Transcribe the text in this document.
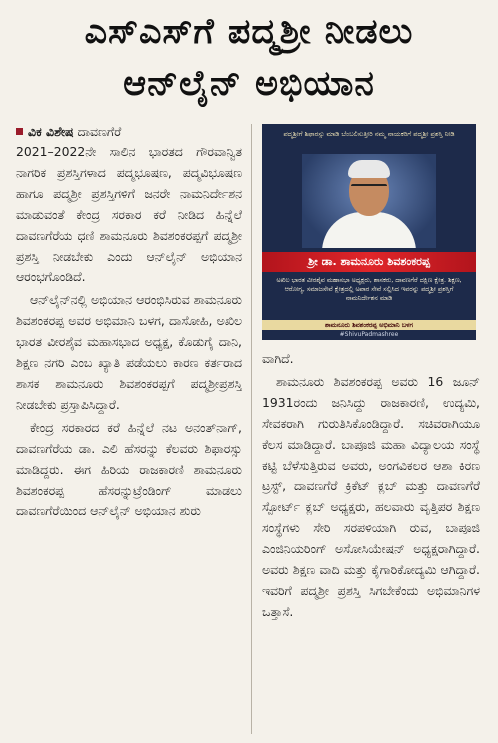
ಎಸ್‌ಎಸ್‌ಗೆ ಪದ್ಮಶ್ರೀ ನೀಡಲು
ಆನ್‌ಲೈನ್ ಅಭಿಯಾನ
ವಿಕ ವಿಶೇಷ ದಾವಣಗೆರೆ

2021–2022ನೇ ಸಾಲಿನ ಭಾರತದ ಗೌರವಾನ್ವಿತ ನಾಗರಿಕ ಪ್ರಶಸ್ತಿಗಳಾದ ಪದ್ಮಭೂಷಣ, ಪದ್ಮವಿಭೂಷಣ ಹಾಗೂ ಪದ್ಮಶ್ರೀ ಪ್ರಶಸ್ತಿಗಳಿಗೆ ಜನರೇ ನಾಮನಿರ್ದೇಶನ ಮಾಡುವಂತೆ ಕೇಂದ್ರ ಸರಕಾರ ಕರೆ ನೀಡಿದ ಹಿನ್ನೆಲೆ ದಾವಣಗೆರೆಯ ಧಣಿ ಶಾಮನೂರು ಶಿವಶಂಕರಪ್ಪಗೆ ಪದ್ಮಶ್ರೀ ಪ್ರಶಸ್ತಿ ನೀಡಬೇಕು ಎಂದು ಆನ್‌ಲೈನ್ ಅಭಿಯಾನ ಆರಂಭಗೊಂಡಿದೆ.

ಆನ್‌ಲೈನ್‌ನಲ್ಲಿ ಅಭಿಯಾನ ಆರಂಭಿಸಿರುವ ಶಾಮನೂರು ಶಿವಶಂಕರಪ್ಪ ಅವರ ಅಭಿಮಾನಿ ಬಳಗ, ದಾಸೋಹಿ, ಅಖಿಲ ಭಾರತ ವೀರಶೈವ ಮಹಾಸಭಾದ ಅಧ್ಯಕ್ಷ, ಕೊಡುಗೈ ದಾನಿ, ಶಿಕ್ಷಣ ನಗರಿ ಎಂಬ ಖ್ಯಾತಿ ಪಡೆಯಲು ಕಾರಣ ಕರ್ತರಾದ ಶಾಸಕ ಶಾಮನೂರು ಶಿವಶಂಕರಪ್ಪಗೆ ಪದ್ಮಶ್ರೀಪ್ರಶಸ್ತಿ ನೀಡಬೇಕು ಪ್ರಸ್ತಾಪಿಸಿದ್ದಾರೆ.

ಕೇಂದ್ರ ಸರಕಾರದ ಕರೆ ಹಿನ್ನೆಲೆ ನಟ ಅನಂತ್‌ನಾಗ್, ದಾವಣಗೆರೆಯ ಡಾ. ಎಲಿ ಹೆಸರನ್ನು ಕೆಲವರು ಶಿಫಾರಸ್ಸು ಮಾಡಿದ್ದರು. ಈಗ ಹಿರಿಯ ರಾಜಕಾರಣಿ ಶಾಮನೂರು ಶಿವಶಂಕರಪ್ಪ ಹೆಸರನ್ನುಟ್ರೆಂಡಿಂಗ್ ಮಾಡಲು ದಾವಣಗೆರೆಯಿಂದ ಆನ್‌ಲೈನ್ ಅಭಿಯಾನ ಶುರು

ಪದ್ಮಶ್ರೀಗೆ ಶಿಫಾರಸ್ಸು ಮಾಡಿ ಬೆಂಬಲಿಸುತ್ತೀರಿ ನಮ್ಮ ನಾಯಕರಿಗೆ ಪದ್ಮಶ್ರೀ ಪ್ರಶಸ್ತಿ ನೀಡಿ
ಶ್ರೀ ಡಾ. ಶಾಮನೂರು ಶಿವಶಂಕರಪ್ಪ
ಅಖಿಲ ಭಾರತ ವೀರಶೈವ ಮಹಾಸಭಾ ಅಧ್ಯಕ್ಷರು, ಶಾಸಕರು, ದಾವಣಗೆರೆ ದಕ್ಷಿಣ ಕ್ಷೇತ್ರ. ಶಿಕ್ಷಣ, ಆರೋಗ್ಯ, ಸಮಾಜಸೇವೆ ಕ್ಷೇತ್ರದಲ್ಲಿ ಅಪಾರ ಸೇವೆ ಸಲ್ಲಿಸಿದ ಇವರನ್ನು ಪದ್ಮಶ್ರೀ ಪ್ರಶಸ್ತಿಗೆ ನಾಮನಿರ್ದೇಶನ ಮಾಡಿ
ಶಾಮನೂರು ಶಿವಶಂಕರಪ್ಪ ಅಭಿಮಾನಿ ಬಳಗ
#ShivuPadmashree

ವಾಗಿದೆ.

ಶಾಮನೂರು ಶಿವಶಂಕರಪ್ಪ ಅವರು 16 ಜೂನ್ 1931ರಂದು ಜನಿಸಿದ್ದು ರಾಜಕಾರಣಿ, ಉದ್ಯಮಿ, ಸೇವಕರಾಗಿ ಗುರುತಿಸಿಕೊಂಡಿದ್ದಾರೆ. ಸಚಿವರಾಗಿಯೂ ಕೆಲಸ ಮಾಡಿದ್ದಾರೆ. ಬಾಪೂಜಿ ಮಹಾ ವಿದ್ಯಾಲಯ ಸಂಸ್ಥೆ ಕಟ್ಟಿ ಬೆಳೆಸುತ್ತಿರುವ ಅವರು, ಅಂಗವಿಕಲರ ಆಶಾ ಕಿರಣ ಟ್ರಸ್ಟ್, ದಾವಣಗೆರೆ ಕ್ರಿಕೆಟ್ ಕ್ಲಬ್ ಮತ್ತು ದಾವಣಗೆರೆ ಸ್ಪೋರ್ಟ್ ಕ್ಲಬ್ ಅಧ್ಯಕ್ಷರು, ಹಲವಾರು ವೃತ್ತಿಪರ ಶಿಕ್ಷಣ ಸಂಸ್ಥೆಗಳು ಸೇರಿ ಸರಪಳಿಯಾಗಿ ರುವ, ಬಾಪೂಜಿ ಎಂಜಿನಿಯರಿಂಗ್ ಅಸೋಸಿಯೇಷನ್ ಅಧ್ಯಕ್ಷರಾಗಿದ್ದಾರೆ. ಅವರು ಶಿಕ್ಷಣ ವಾದಿ ಮತ್ತು ಕೈಗಾರಿಕೋದ್ಯಮಿ ಆಗಿದ್ದಾರೆ. ಇವರಿಗೆ ಪದ್ಮಶ್ರೀ ಪ್ರಶಸ್ತಿ ಸಿಗಬೇಕೆಂದು ಅಭಿಮಾನಿಗಳ ಒತ್ತಾಸೆ.
